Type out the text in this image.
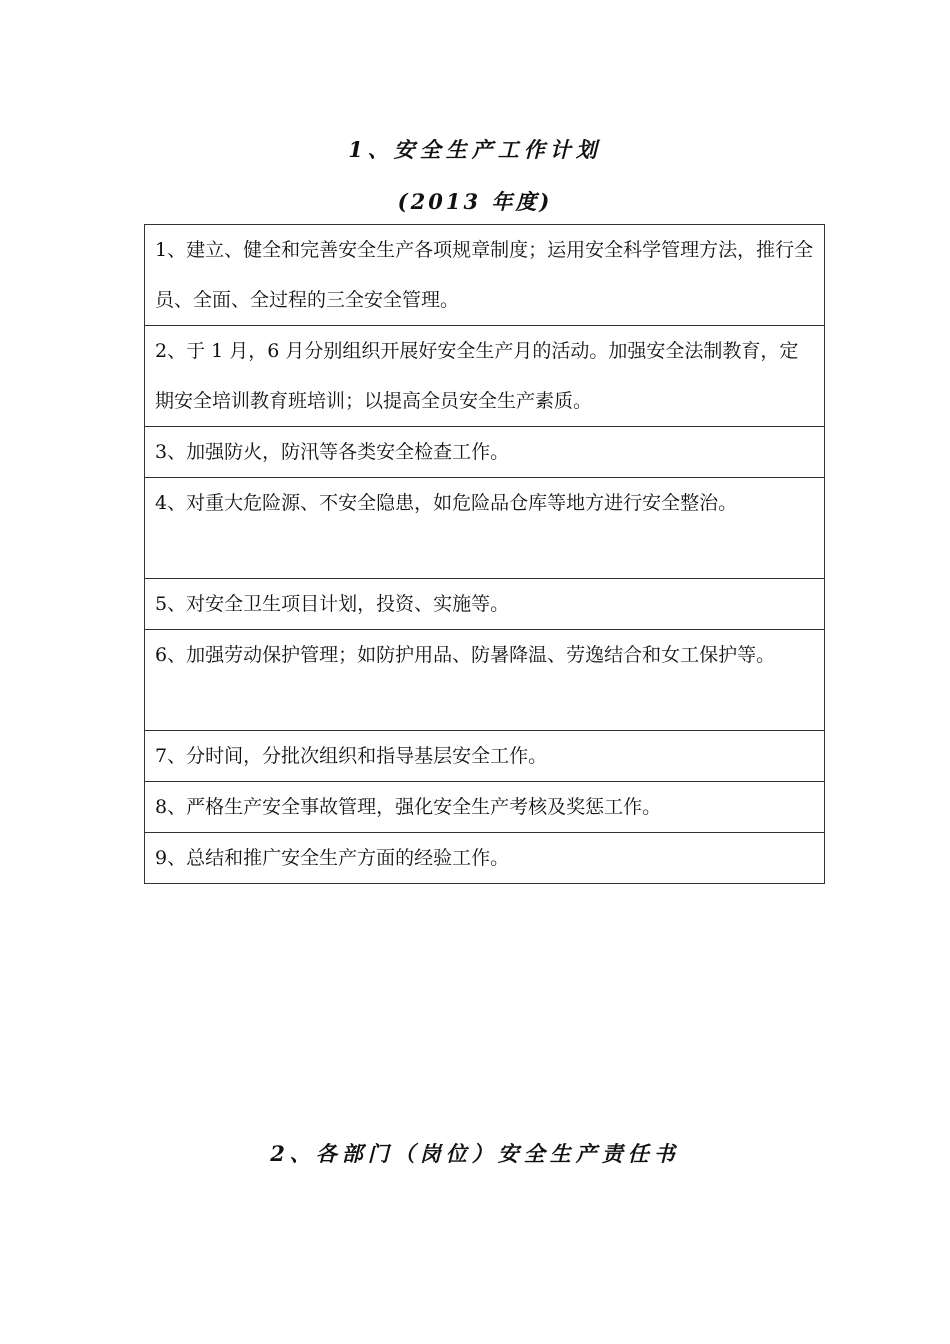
1、安全生产工作计划
(2013 年度)
1、建立、健全和完善安全生产各项规章制度；运用安全科学管理方法，推行全员、全面、全过程的三全安全管理。
2、于 1 月，6 月分别组织开展好安全生产月的活动。加强安全法制教育，定期安全培训教育班培训；以提高全员安全生产素质。
3、加强防火，防汛等各类安全检查工作。
4、对重大危险源、不安全隐患，如危险品仓库等地方进行安全整治。
5、对安全卫生项目计划，投资、实施等。
6、加强劳动保护管理；如防护用品、防暑降温、劳逸结合和女工保护等。
7、分时间，分批次组织和指导基层安全工作。
8、严格生产安全事故管理，强化安全生产考核及奖惩工作。
9、总结和推广安全生产方面的经验工作。
2、各部门（岗位）安全生产责任书
